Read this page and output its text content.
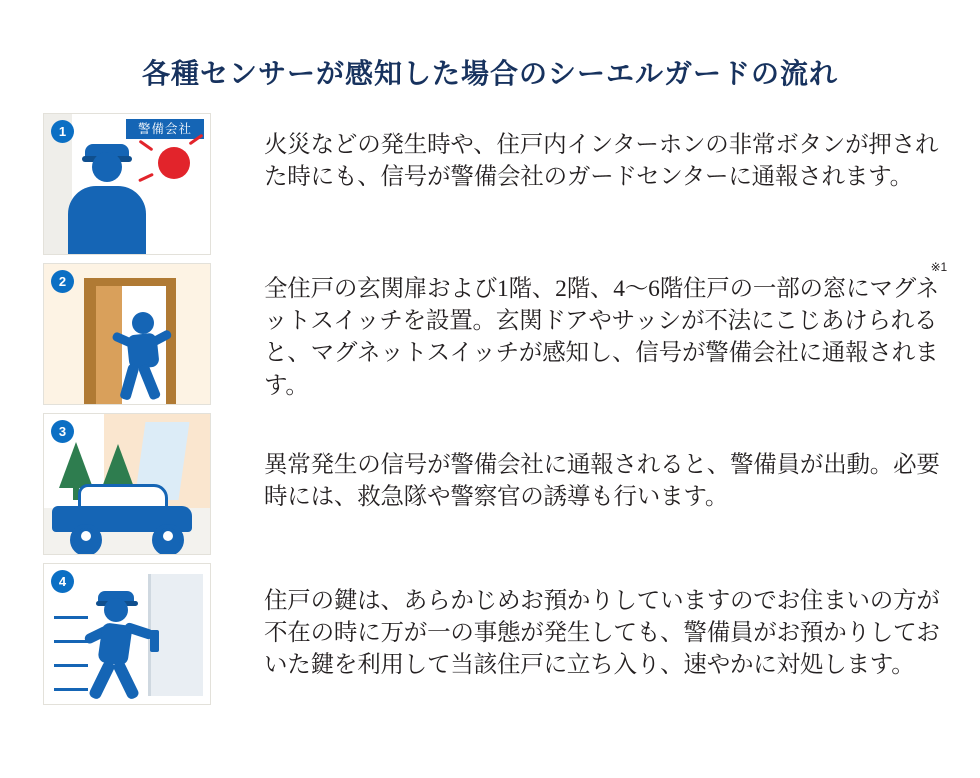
各種センサーが感知した場合のシーエルガードの流れ
警備会社
1

火災などの発生時や、住戸内インターホンの非常ボタンが押された時にも、信号が警備会社のガードセンターに通報されます。

2
※1

全住戸の玄関扉および1階、2階、4〜6階住戸の一部の窓にマグネットスイッチを設置。玄関ドアやサッシが不法にこじあけられると、マグネットスイッチが感知し、信号が警備会社に通報されます。

3

異常発生の信号が警備会社に通報されると、警備員が出動。必要時には、救急隊や警察官の誘導も行います。

4

住戸の鍵は、あらかじめお預かりしていますのでお住まいの方が不在の時に万が一の事態が発生しても、警備員がお預かりしておいた鍵を利用して当該住戸に立ち入り、速やかに対処します。
